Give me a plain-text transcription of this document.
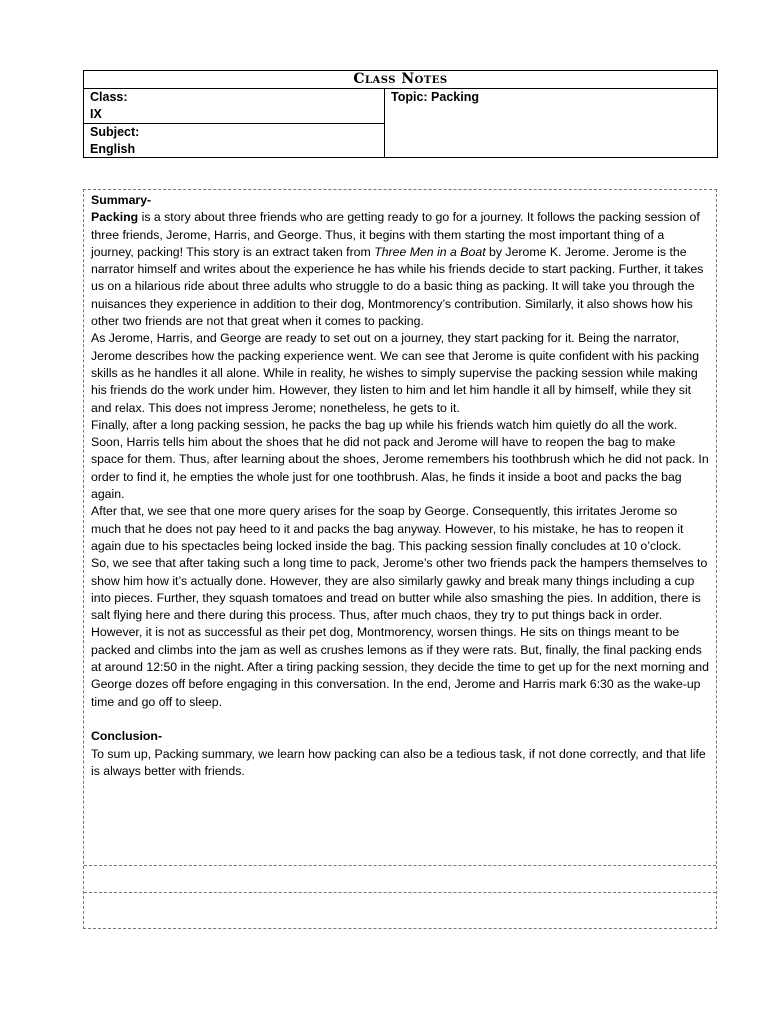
Class Notes
Class:
IX
Subject:
English
Topic: Packing

Summary-

Packing is a story about three friends who are getting ready to go for a journey. It follows the packing session of three friends, Jerome, Harris, and George. Thus, it begins with them starting the most important thing of a journey, packing! This story is an extract taken from Three Men in a Boat by Jerome K. Jerome. Jerome is the narrator himself and writes about the experience he has while his friends decide to start packing. Further, it takes us on a hilarious ride about three adults who struggle to do a basic thing as packing. It will take you through the nuisances they experience in addition to their dog, Montmorency’s contribution. Similarly, it also shows how his other two friends are not that great when it comes to packing.

As Jerome, Harris, and George are ready to set out on a journey, they start packing for it. Being the narrator, Jerome describes how the packing experience went. We can see that Jerome is quite confident with his packing skills as he handles it all alone. While in reality, he wishes to simply supervise the packing session while making his friends do the work under him. However, they listen to him and let him handle it all by himself, while they sit and relax. This does not impress Jerome; nonetheless, he gets to it.

Finally, after a long packing session, he packs the bag up while his friends watch him quietly do all the work. Soon, Harris tells him about the shoes that he did not pack and Jerome will have to reopen the bag to make space for them. Thus, after learning about the shoes, Jerome remembers his toothbrush which he did not pack. In order to find it, he empties the whole just for one toothbrush. Alas, he finds it inside a boot and packs the bag again.

After that, we see that one more query arises for the soap by George. Consequently, this irritates Jerome so much that he does not pay heed to it and packs the bag anyway. However, to his mistake, he has to reopen it again due to his spectacles being locked inside the bag. This packing session finally concludes at 10 o’clock.

So, we see that after taking such a long time to pack, Jerome’s other two friends pack the hampers themselves to show him how it’s actually done. However, they are also similarly gawky and break many things including a cup into pieces. Further, they squash tomatoes and tread on butter while also smashing the pies. In addition, there is salt flying here and there during this process. Thus, after much chaos, they try to put things back in order.

However, it is not as successful as their pet dog, Montmorency, worsen things. He sits on things meant to be packed and climbs into the jam as well as crushes lemons as if they were rats. But, finally, the final packing ends at around 12:50 in the night. After a tiring packing session, they decide the time to get up for the next morning and George dozes off before engaging in this conversation. In the end, Jerome and Harris mark 6:30 as the wake-up time and go off to sleep.

Conclusion-

To sum up, Packing summary, we learn how packing can also be a tedious task, if not done correctly, and that life is always better with friends.
